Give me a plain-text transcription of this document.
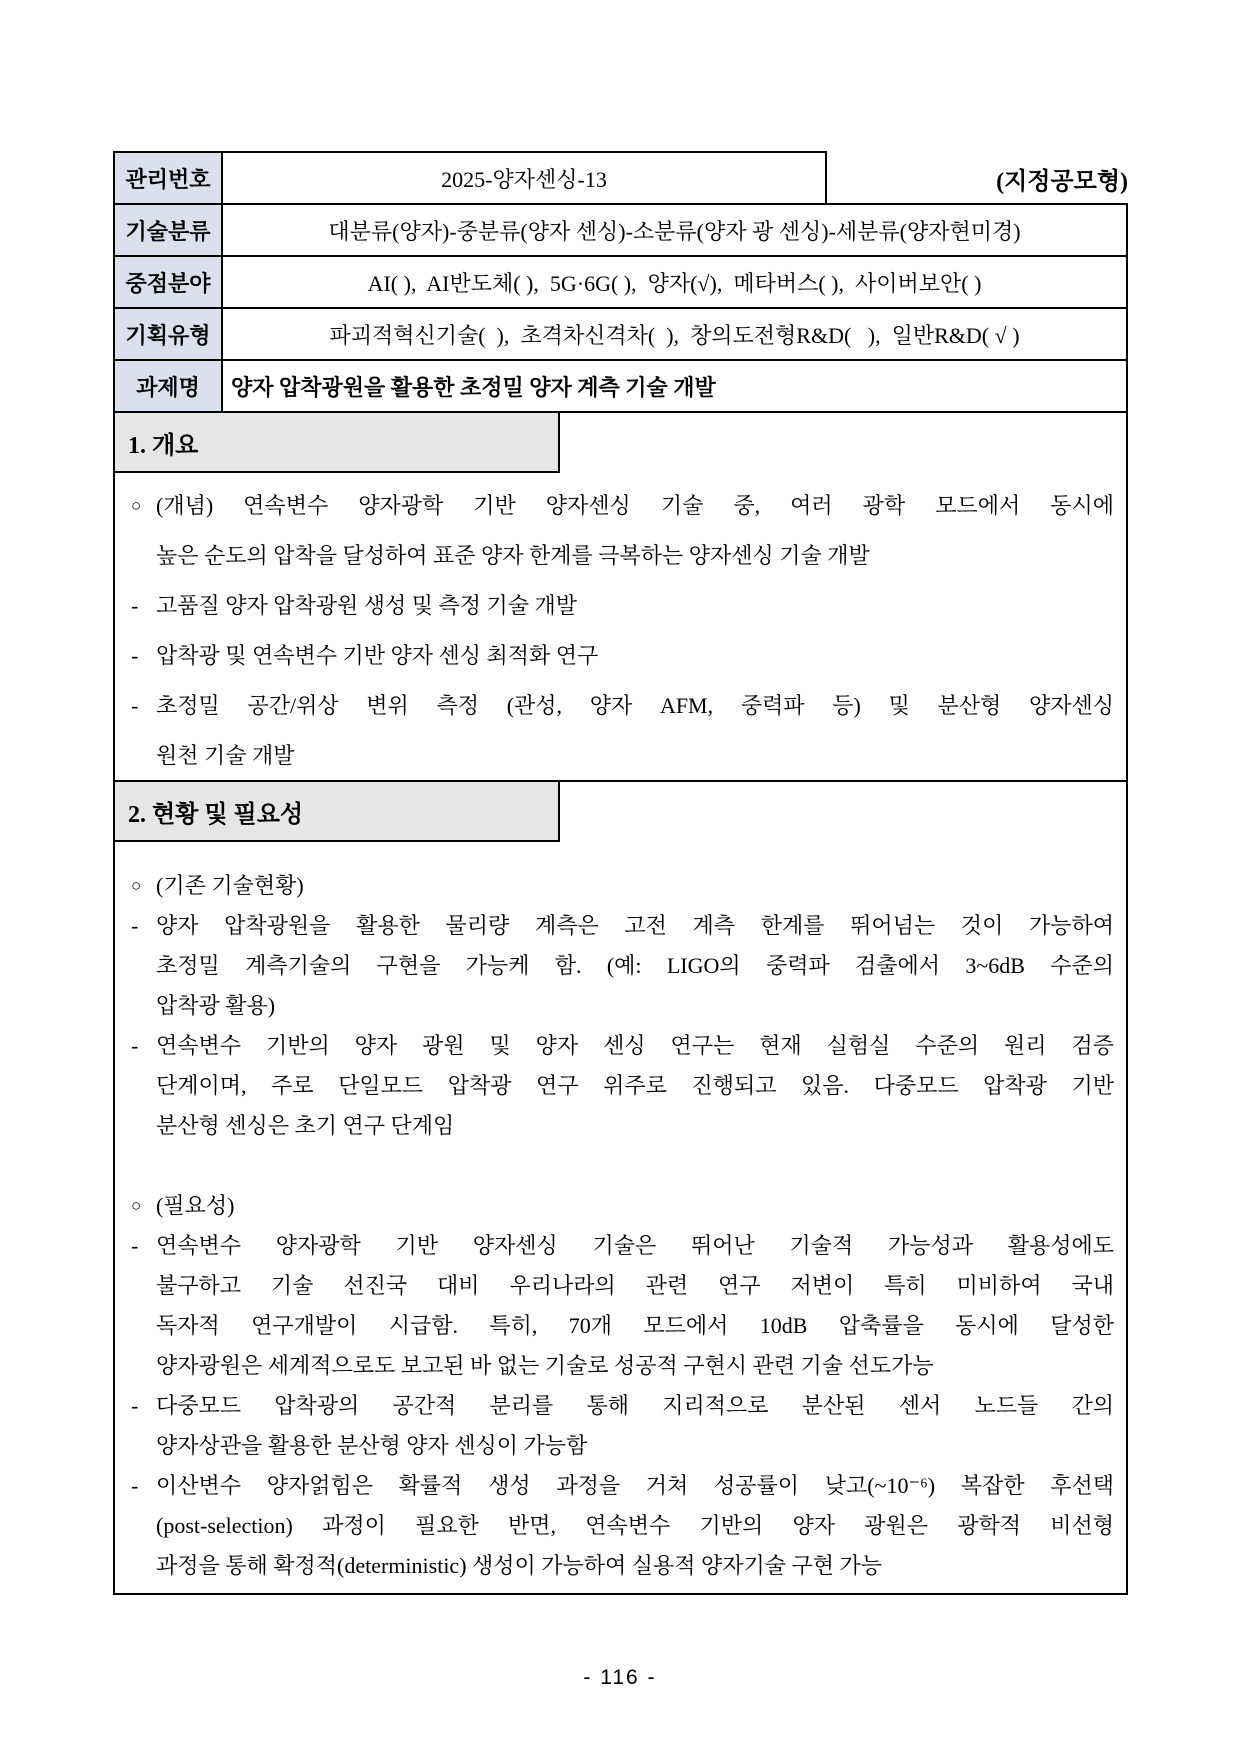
관리번호	2025-양자센싱-13	(지정공모형)
기술분류	대분류(양자)-중분류(양자 센싱)-소분류(양자 광 센싱)-세분류(양자현미경)
중점분야	AI( ),  AI반도체( ),  5G·6G( ),  양자(√),  메타버스( ),  사이버보안( )
기획유형	파괴적혁신기술(  ),  초격차신격차(  ),  창의도전형R&D(   ),  일반R&D( √ )
과제명	양자 압착광원을 활용한 초정밀 양자 계측 기술 개발
1. 개요
○ (개념) 연속변수 양자광학 기반 양자센싱 기술 중, 여러 광학 모드에서 동시에
높은 순도의 압착을 달성하여 표준 양자 한계를 극복하는 양자센싱 기술 개발
- 고품질 양자 압착광원 생성 및 측정 기술 개발
- 압착광 및 연속변수 기반 양자 센싱 최적화 연구
- 초정밀 공간/위상 변위 측정 (관성, 양자 AFM, 중력파 등) 및 분산형 양자센싱
원천 기술 개발
2. 현황 및 필요성
○ (기존 기술현황)
- 양자 압착광원을 활용한 물리량 계측은 고전 계측 한계를 뛰어넘는 것이 가능하여
초정밀 계측기술의 구현을 가능케 함. (예: LIGO의 중력파 검출에서 3~6dB 수준의
압착광 활용)
- 연속변수 기반의 양자 광원 및 양자 센싱 연구는 현재 실험실 수준의 원리 검증
단계이며, 주로 단일모드 압착광 연구 위주로 진행되고 있음. 다중모드 압착광 기반
분산형 센싱은 초기 연구 단계임
○ (필요성)
- 연속변수 양자광학 기반 양자센싱 기술은 뛰어난 기술적 가능성과 활용성에도
불구하고 기술 선진국 대비 우리나라의 관련 연구 저변이 특히 미비하여 국내
독자적 연구개발이 시급함. 특히, 70개 모드에서 10dB 압축률을 동시에 달성한
양자광원은 세계적으로도 보고된 바 없는 기술로 성공적 구현시 관련 기술 선도가능
- 다중모드 압착광의 공간적 분리를 통해 지리적으로 분산된 센서 노드들 간의
양자상관을 활용한 분산형 양자 센싱이 가능함
- 이산변수 양자얽힘은 확률적 생성 과정을 거쳐 성공률이 낮고(~10⁻⁶) 복잡한 후선택
(post-selection) 과정이 필요한 반면, 연속변수 기반의 양자 광원은 광학적 비선형
과정을 통해 확정적(deterministic) 생성이 가능하여 실용적 양자기술 구현 가능
- 116 -
